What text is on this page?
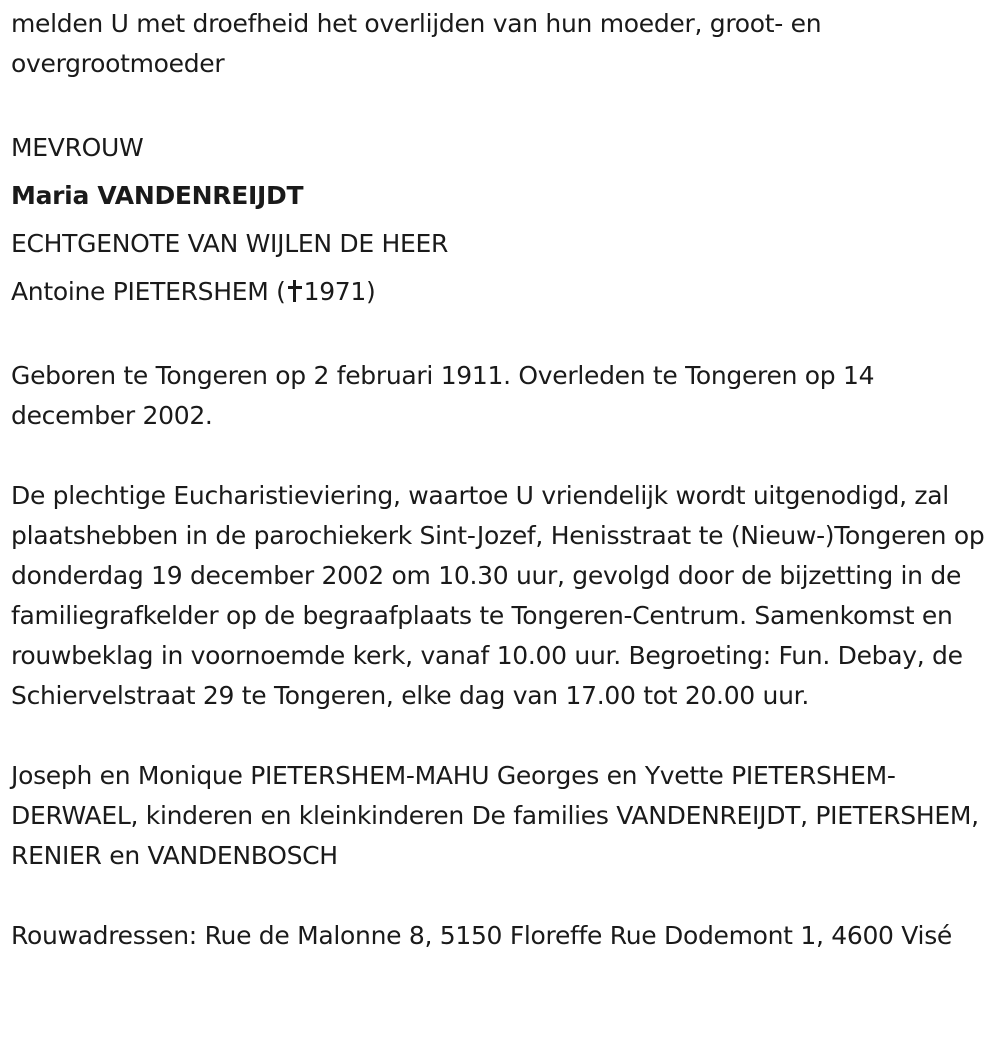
melden U met droefheid het overlijden van hun moeder, groot- en overgrootmoeder

MEVROUW

Maria VANDENREIJDT

ECHTGENOTE VAN WIJLEN DE HEER

Antoine PIETERSHEM ( 1971)

Geboren te Tongeren op 2 februari 1911. Overleden te Tongeren op 14 december 2002.

De plechtige Eucharistieviering, waartoe U vriendelijk wordt uitgenodigd, zal plaatshebben in de parochiekerk Sint-Jozef, Henisstraat te (Nieuw-)Tongeren op donderdag 19 december 2002 om 10.30 uur, gevolgd door de bijzetting in de familiegrafkelder op de begraafplaats te Tongeren-Centrum. Samenkomst en rouwbeklag in voornoemde kerk, vanaf 10.00 uur. Begroeting: Fun. Debay, de Schiervelstraat 29 te Tongeren, elke dag van 17.00 tot 20.00 uur.

Joseph en Monique PIETERSHEM-MAHU Georges en Yvette PIETERSHEM-DERWAEL, kinderen en kleinkinderen De families VANDENREIJDT, PIETERSHEM, RENIER en VANDENBOSCH

Rouwadressen: Rue de Malonne 8, 5150 Floreffe Rue Dodemont 1, 4600 Visé
